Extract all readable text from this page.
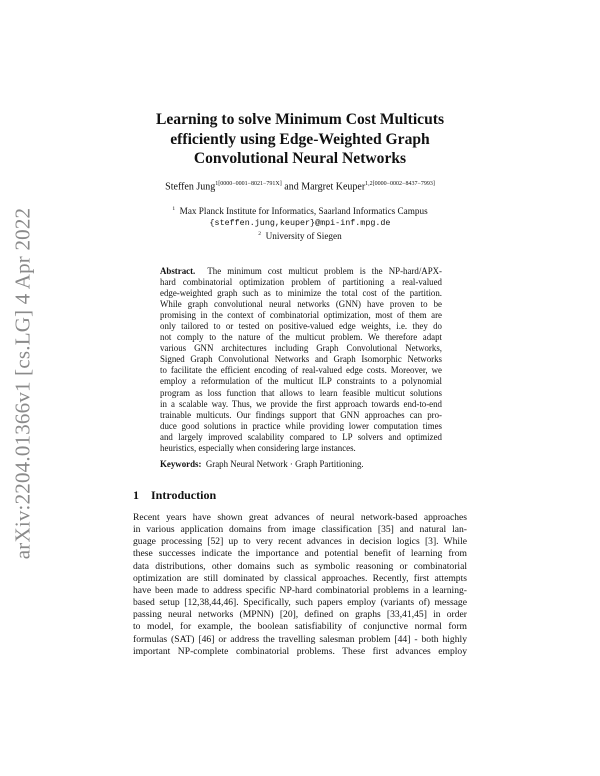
arXiv:2204.01366v1 [cs.LG] 4 Apr 2022
Learning to solve Minimum Cost Multicuts
efficiently using Edge-Weighted Graph
Convolutional Neural Networks
Steffen Jung$^{1[0000-0001-8021-791X]}$ and Margret Keuper$^{1,2[0000-0002-8437-7993]}$
$^1$ Max Planck Institute for Informatics, Saarland Informatics Campus
{steffen.jung,keuper}@mpi-inf.mpg.de
$^2$ University of Siegen
Abstract. The minimum cost multicut problem is the NP-hard/APX-
hard combinatorial optimization problem of partitioning a real-valued
edge-weighted graph such as to minimize the total cost of the partition.
While graph convolutional neural networks (GNN) have proven to be
promising in the context of combinatorial optimization, most of them are
only tailored to or tested on positive-valued edge weights, i.e. they do
not comply to the nature of the multicut problem. We therefore adapt
various GNN architectures including Graph Convolutional Networks,
Signed Graph Convolutional Networks and Graph Isomorphic Networks
to facilitate the efficient encoding of real-valued edge costs. Moreover, we
employ a reformulation of the multicut ILP constraints to a polynomial
program as loss function that allows to learn feasible multicut solutions
in a scalable way. Thus, we provide the first approach towards end-to-end
trainable multicuts. Our findings support that GNN approaches can pro-
duce good solutions in practice while providing lower computation times
and largely improved scalability compared to LP solvers and optimized
heuristics, especially when considering large instances.
Keywords: Graph Neural Network · Graph Partitioning.
1 Introduction
Recent years have shown great advances of neural network-based approaches
in various application domains from image classification [35] and natural lan-
guage processing [52] up to very recent advances in decision logics [3]. While
these successes indicate the importance and potential benefit of learning from
data distributions, other domains such as symbolic reasoning or combinatorial
optimization are still dominated by classical approaches. Recently, first attempts
have been made to address specific NP-hard combinatorial problems in a learning-
based setup [12,38,44,46]. Specifically, such papers employ (variants of) message
passing neural networks (MPNN) [20], defined on graphs [33,41,45] in order
to model, for example, the boolean satisfiability of conjunctive normal form
formulas (SAT) [46] or address the travelling salesman problem [44] - both highly
important NP-complete combinatorial problems. These first advances employ
